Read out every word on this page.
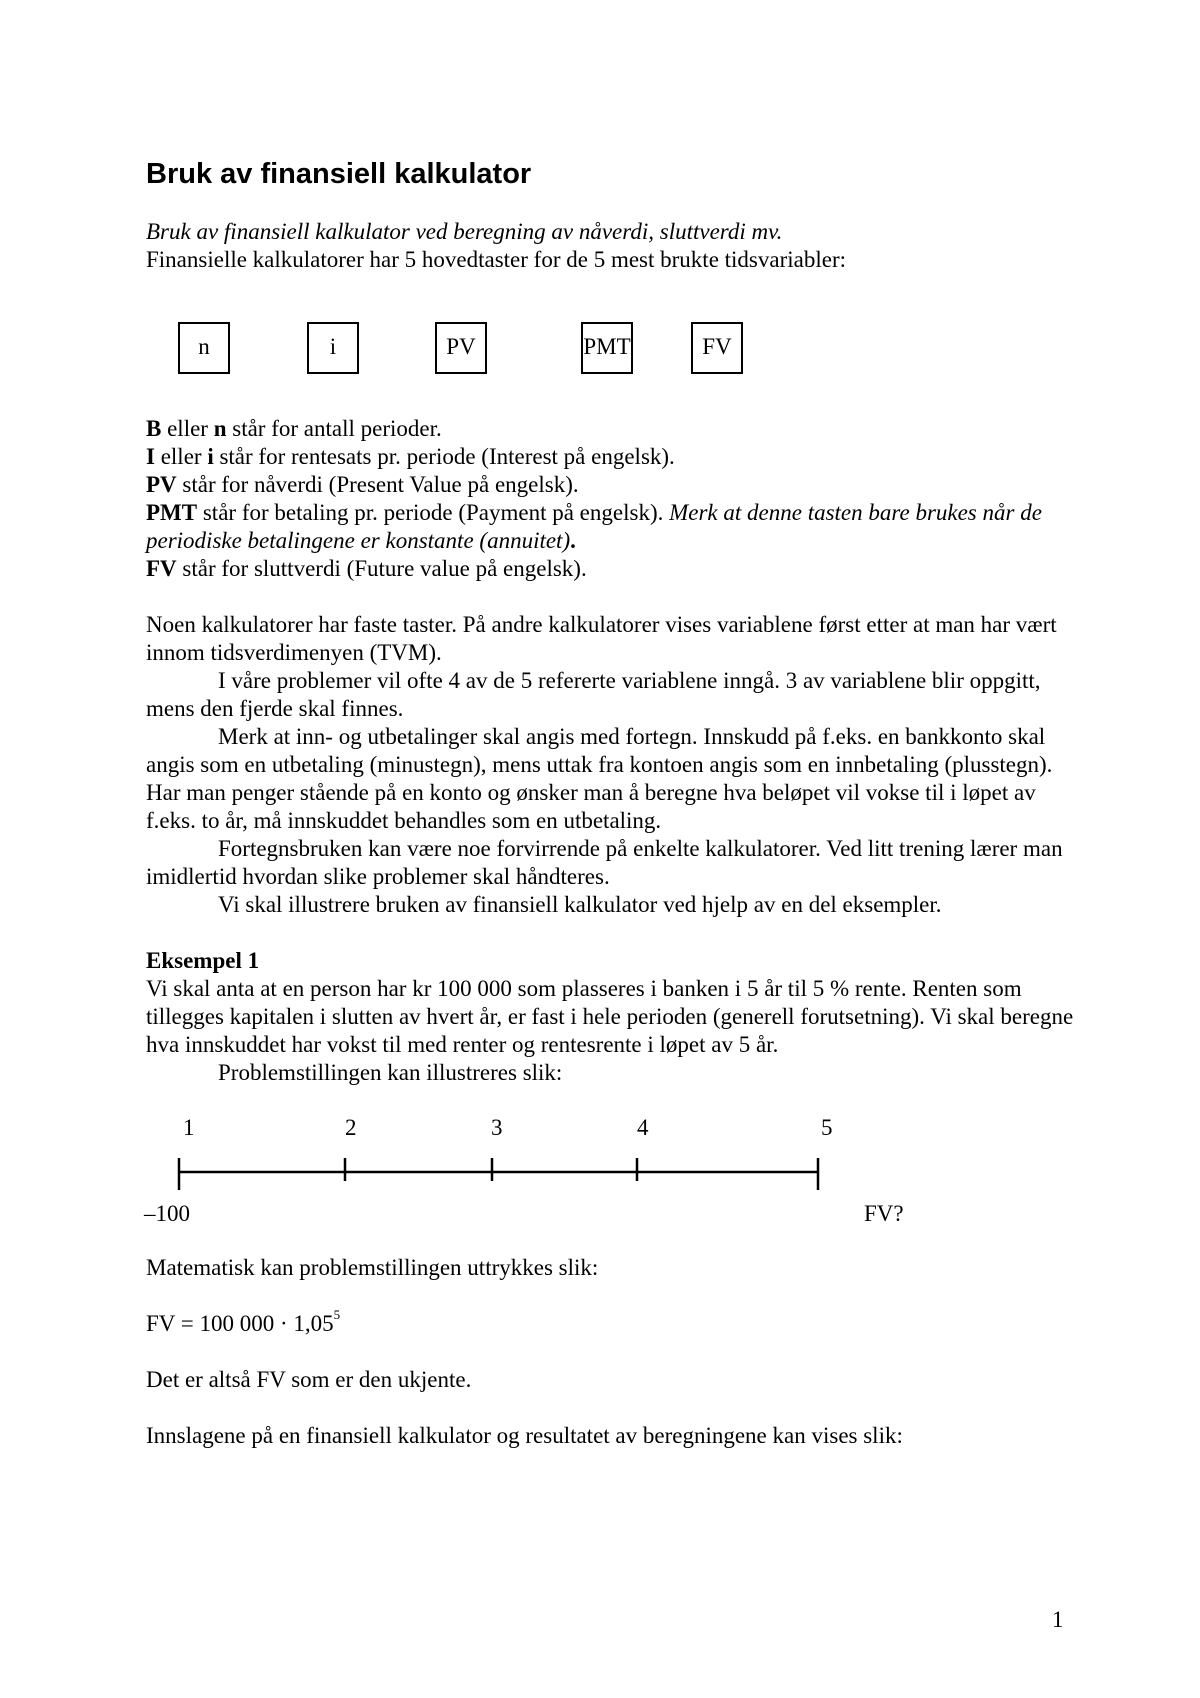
Bruk av finansiell kalkulator

Bruk av finansiell kalkulator ved beregning av nåverdi, sluttverdi mv.

Finansielle kalkulatorer har 5 hovedtaster for de 5 mest brukte tidsvariabler:

n	i	PV	PMT	FV

B eller n står for antall perioder.

I eller i står for rentesats pr. periode (Interest på engelsk).

PV står for nåverdi (Present Value på engelsk).

PMT står for betaling pr. periode (Payment på engelsk). Merk at denne tasten bare brukes når de periodiske betalingene er konstante (annuitet).

FV står for sluttverdi (Future value på engelsk).

Noen kalkulatorer har faste taster. På andre kalkulatorer vises variablene først etter at man har vært innom tidsverdimenyen (TVM).

I våre problemer vil ofte 4 av de 5 refererte variablene inngå. 3 av variablene blir oppgitt, mens den fjerde skal finnes.

Merk at inn- og utbetalinger skal angis med fortegn. Innskudd på f.eks. en bankkonto skal angis som en utbetaling (minustegn), mens uttak fra kontoen angis som en innbetaling (plusstegn). Har man penger stående på en konto og ønsker man å beregne hva beløpet vil vokse til i løpet av f.eks. to år, må innskuddet behandles som en utbetaling.

Fortegnsbruken kan være noe forvirrende på enkelte kalkulatorer. Ved litt trening lærer man imidlertid hvordan slike problemer skal håndteres.

Vi skal illustrere bruken av finansiell kalkulator ved hjelp av en del eksempler.

Eksempel 1

Vi skal anta at en person har kr 100 000 som plasseres i banken i 5 år til 5 % rente. Renten som tillegges kapitalen i slutten av hvert år, er fast i hele perioden (generell forutsetning). Vi skal beregne hva innskuddet har vokst til med renter og rentesrente i løpet av 5 år.

Problemstillingen kan illustreres slik:

1	2	3	4	5
–100	FV?
Matematisk kan problemstillingen uttrykkes slik:
FV = 100 $000 \cdot 1,05^5$
Det er altså FV som er den ukjente.
Innslagene på en finansiell kalkulator og resultatet av beregningene kan vises slik:
1
